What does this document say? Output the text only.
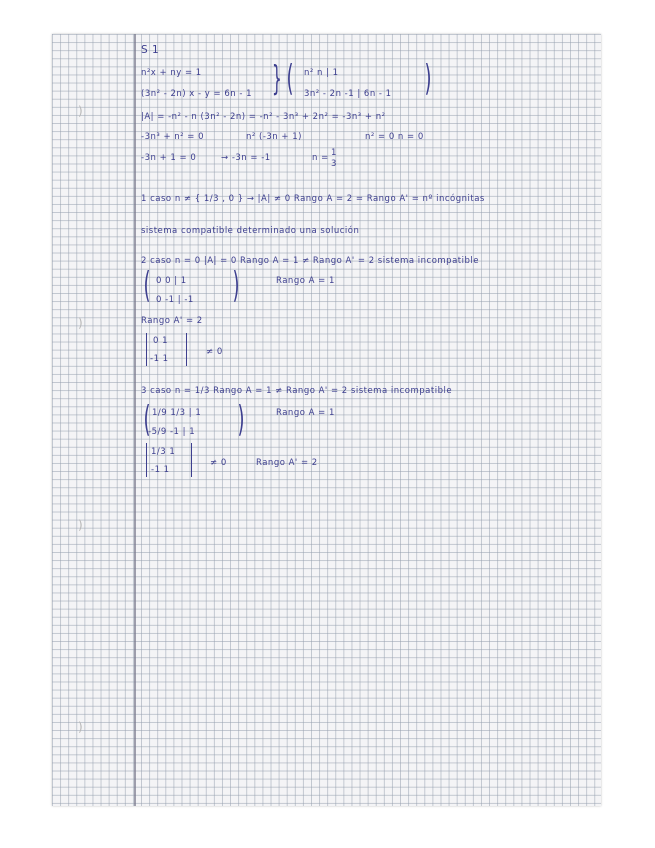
)
)
)
)
S 1
n²x + ny = 1
(3n² - 2n) x - y = 6n - 1 } ( n² n | 1
3n² - 2n -1 | 6n - 1 )
|A| = -n² - n (3n² - 2n) = -n² - 3n³ + 2n² = -3n³ + n²
-3n³ + n² = 0	n² (-3n + 1)	n² = 0 n = 0
-3n + 1 = 0	→ -3n = -1	n = 1
3
1 caso n ≠ { 1/3 , 0 } → |A| ≠ 0 Rango A = 2 = Rango A' = nº incógnitas
sistema compatible determinado una solución
2 caso n = 0 |A| = 0 Rango A = 1 ≠ Rango A' = 2 sistema incompatible
( 0 0 | 1
0 -1 | -1 )	Rango A = 1
Rango A' = 2
0 1
-1 1
≠ 0
3 caso n = 1/3 Rango A = 1 ≠ Rango A' = 2 sistema incompatible
( 1/9 1/3 | 1
-5/9 -1 | 1 )	Rango A = 1
1/3 1
-1 1
≠ 0	Rango A' = 2
